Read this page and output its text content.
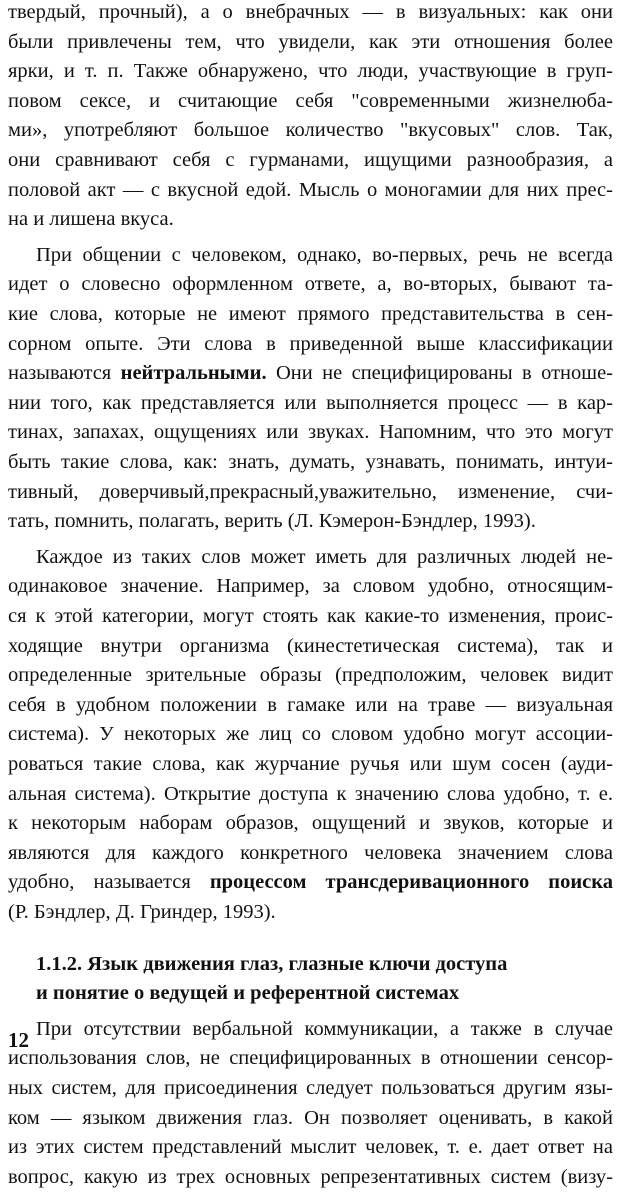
твердый, прочный), а о внебрачных — в визуальных: как они
были привлечены тем, что увидели, как эти отношения более
ярки, и т. п. Также обнаружено, что люди, участвующие в груп-
повом сексе, и считающие себя "современными жизнелюба-
ми», употребляют большое количество "вкусовых" слов. Так,
они сравнивают себя с гурманами, ищущими разнообразия, а
половой акт — с вкусной едой. Мысль о моногамии для них прес-
на и лишена вкуса.
При общении с человеком, однако, во-первых, речь не всегда
идет о словесно оформленном ответе, а, во-вторых, бывают та-
кие слова, которые не имеют прямого представительства в сен-
сорном опыте. Эти слова в приведенной выше классификации
называются нейтральными. Они не специфицированы в отноше-
нии того, как представляется или выполняется процесс — в кар-
тинах, запахах, ощущениях или звуках. Напомним, что это могут
быть такие слова, как: знать, думать, узнавать, понимать, интуи-
тивный, доверчивый,прекрасный,уважительно, изменение, счи-
тать, помнить, полагать, верить (Л. Кэмерон-Бэндлер, 1993).
Каждое из таких слов может иметь для различных людей не-
одинаковое значение. Например, за словом удобно, относящим-
ся к этой категории, могут стоять как какие-то изменения, проис-
ходящие внутри организма (кинестетическая система), так и
определенные зрительные образы (предположим, человек видит
себя в удобном положении в гамаке или на траве — визуальная
система). У некоторых же лиц со словом удобно могут ассоции-
роваться такие слова, как журчание ручья или шум сосен (ауди-
альная система). Открытие доступа к значению слова удобно, т. е.
к некоторым наборам образов, ощущений и звуков, которые и
являются для каждого конкретного человека значением слова
удобно, называется процессом трансдеривационного поиска
(Р. Бэндлер, Д. Гриндер, 1993).
1.1.2. Язык движения глаз, глазные ключи доступа
и понятие о ведущей и референтной системах
12 При отсутствии вербальной коммуникации, а также в случае
использования слов, не специфицированных в отношении сенсор-
ных систем, для присоединения следует пользоваться другим язы-
ком — языком движения глаз. Он позволяет оценивать, в какой
из этих систем представлений мыслит человек, т. е. дает ответ на
вопрос, какую из трех основных репрезентативных систем (визу-
